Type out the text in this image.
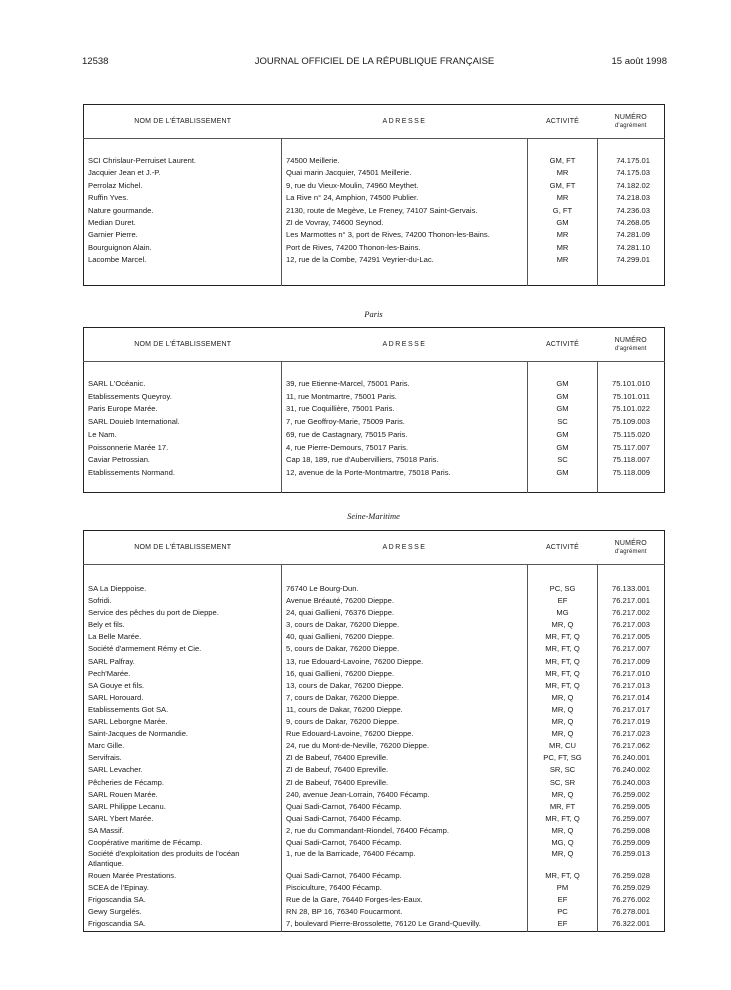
12538	JOURNAL OFFICIEL DE LA RÉPUBLIQUE FRANÇAISE	15 août 1998
NOM DE L'ÉTABLISSEMENT	ADRESSE	ACTIVITÉ	NUMÉRO
d'agrément

SCI Chrislaur-Perruiset Laurent.	74500 Meillerie.	GM, FT	74.175.01
Jacquier Jean et J.-P.	Quai marin Jacquier, 74501 Meillerie.	MR	74.175.03
Perrolaz Michel.	9, rue du Vieux-Moulin, 74960 Meythet.	GM, FT	74.182.02
Ruffin Yves.	La Rive n° 24, Amphion, 74500 Publier.	MR	74.218.03
Nature gourmande.	2130, route de Megève, Le Freney, 74107 Saint-Gervais.	G, FT	74.236.03
Median Duret.	ZI de Vovray, 74600 Seynod.	GM	74.268.05
Garnier Pierre.	Les Marmottes n° 3, port de Rives, 74200 Thonon-les-Bains.	MR	74.281.09
Bourguignon Alain.	Port de Rives, 74200 Thonon-les-Bains.	MR	74.281.10
Lacombe Marcel.	12, rue de la Combe, 74291 Veyrier-du-Lac.	MR	74.299.01

Paris
NOM DE L'ÉTABLISSEMENT	ADRESSE	ACTIVITÉ	NUMÉRO
d'agrément

SARL L'Océanic.	39, rue Etienne-Marcel, 75001 Paris.	GM	75.101.010
Etablissements Queyroy.	11, rue Montmartre, 75001 Paris.	GM	75.101.011
Paris Europe Marée.	31, rue Coquillière, 75001 Paris.	GM	75.101.022
SARL Douieb International.	7, rue Geoffroy-Marie, 75009 Paris.	SC	75.109.003
Le Nam.	69, rue de Castagnary, 75015 Paris.	GM	75.115.020
Poissonnerie Marée 17.	4, rue Pierre-Demours, 75017 Paris.	GM	75.117.007
Caviar Petrossian.	Cap 18, 189, rue d'Aubervilliers, 75018 Paris.	SC	75.118.007
Etablissements Normand.	12, avenue de la Porte-Montmartre, 75018 Paris.	GM	75.118.009

Seine-Maritime
NOM DE L'ÉTABLISSEMENT	ADRESSE	ACTIVITÉ	NUMÉRO
d'agrément

SA La Dieppoise.	76740 Le Bourg-Dun.	PC, SG	76.133.001
Sofridi.	Avenue Bréauté, 76200 Dieppe.	EF	76.217.001
Service des pêches du port de Dieppe.	24, quai Gallieni, 76376 Dieppe.	MG	76.217.002
Bely et fils.	3, cours de Dakar, 76200 Dieppe.	MR, Q	76.217.003
La Belle Marée.	40, quai Gallieni, 76200 Dieppe.	MR, FT, Q	76.217.005
Société d'armement Rémy et Cie.	5, cours de Dakar, 76200 Dieppe.	MR, FT, Q	76.217.007
SARL Palfray.	13, rue Edouard-Lavoine, 76200 Dieppe.	MR, FT, Q	76.217.009
Pech'Marée.	16, quai Gallieni, 76200 Dieppe.	MR, FT, Q	76.217.010
SA Gouye et fils.	13, cours de Dakar, 76200 Dieppe.	MR, FT, Q	76.217.013
SARL Horouard.	7, cours de Dakar, 76200 Dieppe.	MR, Q	76.217.014
Etablissements Got SA.	11, cours de Dakar, 76200 Dieppe.	MR, Q	76.217.017
SARL Leborgne Marée.	9, cours de Dakar, 76200 Dieppe.	MR, Q	76.217.019
Saint-Jacques de Normandie.	Rue Edouard-Lavoine, 76200 Dieppe.	MR, Q	76.217.023
Marc Gille.	24, rue du Mont-de-Neville, 76200 Dieppe.	MR, CU	76.217.062
Servifrais.	ZI de Babeuf, 76400 Epreville.	PC, FT, SG	76.240.001
SARL Levacher.	ZI de Babeuf, 76400 Epreville.	SR, SC	76.240.002
Pêcheries de Fécamp.	ZI de Babeuf, 76400 Epreville.	SC, SR	76.240.003
SARL Rouen Marée.	240, avenue Jean-Lorrain, 76400 Fécamp.	MR, Q	76.259.002
SARL Philippe Lecanu.	Quai Sadi-Carnot, 76400 Fécamp.	MR, FT	76.259.005
SARL Ybert Marée.	Quai Sadi-Carnot, 76400 Fécamp.	MR, FT, Q	76.259.007
SA Massif.	2, rue du Commandant-Riondel, 76400 Fécamp.	MR, Q	76.259.008
Coopérative maritime de Fécamp.	Quai Sadi-Carnot, 76400 Fécamp.	MG, Q	76.259.009
Société d'exploitation des produits de l'océan Atlantique.	1, rue de la Barricade, 76400 Fécamp.	MR, Q	76.259.013
Rouen Marée Prestations.	Quai Sadi-Carnot, 76400 Fécamp.	MR, FT, Q	76.259.028
SCEA de l'Epinay.	Pisciculture, 76400 Fécamp.	PM	76.259.029
Frigoscandia SA.	Rue de la Gare, 76440 Forges-les-Eaux.	EF	76.276.002
Gewy Surgelés.	RN 28, BP 16, 76340 Foucarmont.	PC	76.278.001
Frigoscandia SA.	7, boulevard Pierre-Brossolette, 76120 Le Grand-Quevilly.	EF	76.322.001
